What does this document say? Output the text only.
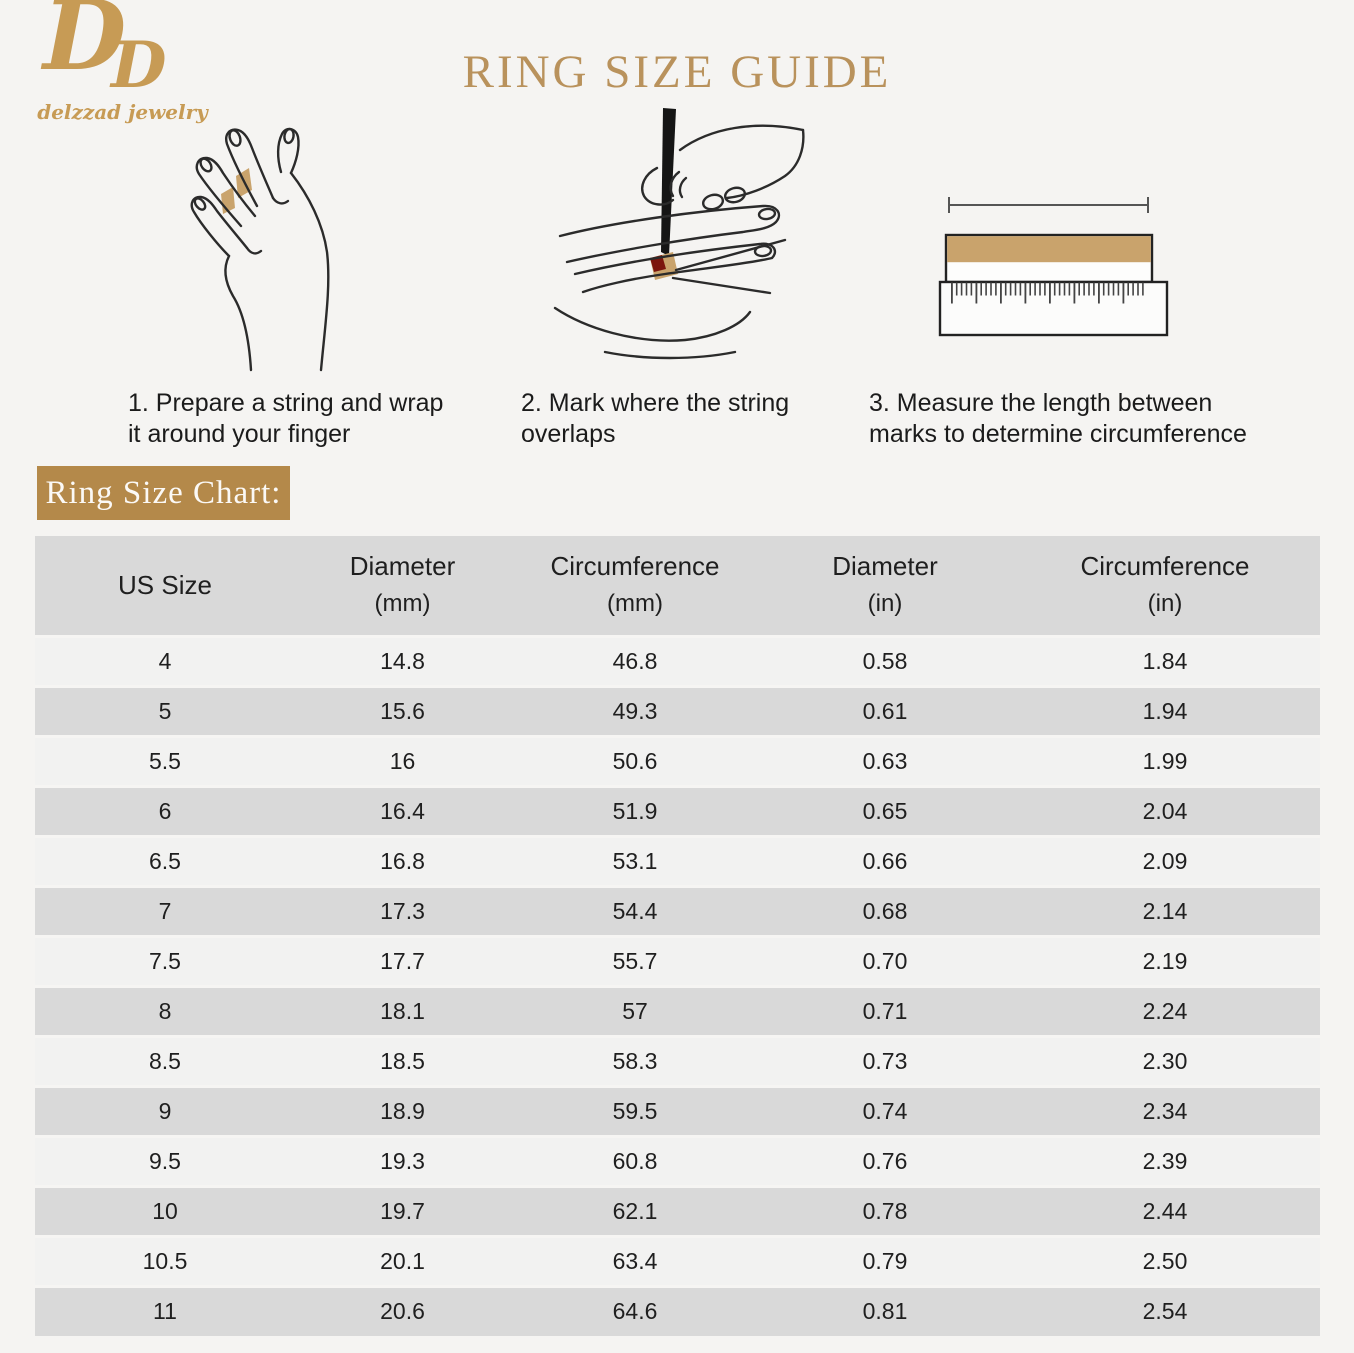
D
D
delzzad jewelry
RING SIZE GUIDE
1. Prepare a string and wrap
it around your finger
2. Mark where the string
overlaps
3. Measure the length between
marks to determine circumference
Ring Size Chart:
US Size

Diameter
(mm)

Circumference
(mm)

Diameter
(in)

Circumference
(in)

4	14.8	46.8	0.58	1.84
5	15.6	49.3	0.61	1.94
5.5	16	50.6	0.63	1.99
6	16.4	51.9	0.65	2.04
6.5	16.8	53.1	0.66	2.09
7	17.3	54.4	0.68	2.14
7.5	17.7	55.7	0.70	2.19
8	18.1	57	0.71	2.24
8.5	18.5	58.3	0.73	2.30
9	18.9	59.5	0.74	2.34
9.5	19.3	60.8	0.76	2.39
10	19.7	62.1	0.78	2.44
10.5	20.1	63.4	0.79	2.50
11	20.6	64.6	0.81	2.54
